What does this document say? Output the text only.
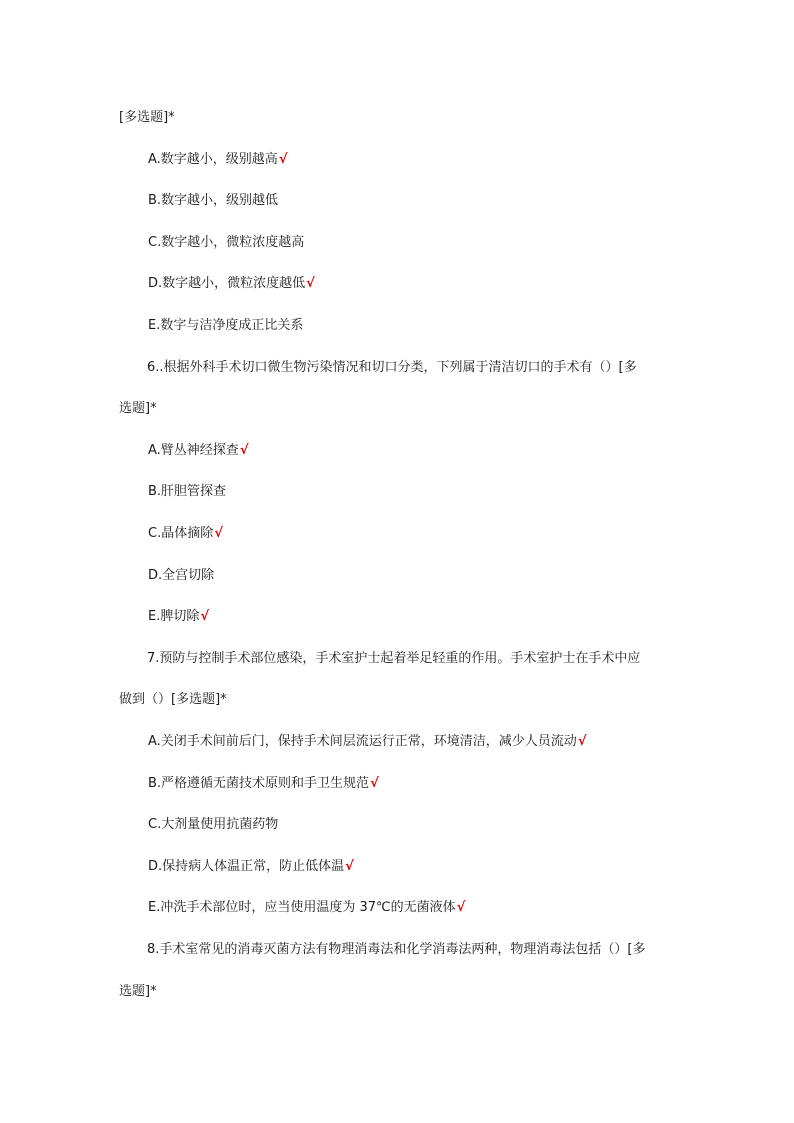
[多选题]*
A.数字越小，级别越高√
B.数字越小，级别越低
C.数字越小，微粒浓度越高
D.数字越小，微粒浓度越低√
E.数字与洁净度成正比关系
6..根据外科手术切口微生物污染情况和切口分类，下列属于清洁切口的手术有（）[多
选题]*
A.臂丛神经探查√
B.肝胆管探查
C.晶体摘除√
D.全宫切除
E.脾切除√
7.预防与控制手术部位感染，手术室护士起着举足轻重的作用。手术室护士在手术中应
做到（）[多选题]*
A.关闭手术间前后门，保持手术间层流运行正常，环境清洁，减少人员流动√
B.严格遵循无菌技术原则和手卫生规范√
C.大剂量使用抗菌药物
D.保持病人体温正常，防止低体温√
E.冲洗手术部位时，应当使用温度为 37℃的无菌液体√
8.手术室常见的消毒灭菌方法有物理消毒法和化学消毒法两种，物理消毒法包括（）[多
选题]*
